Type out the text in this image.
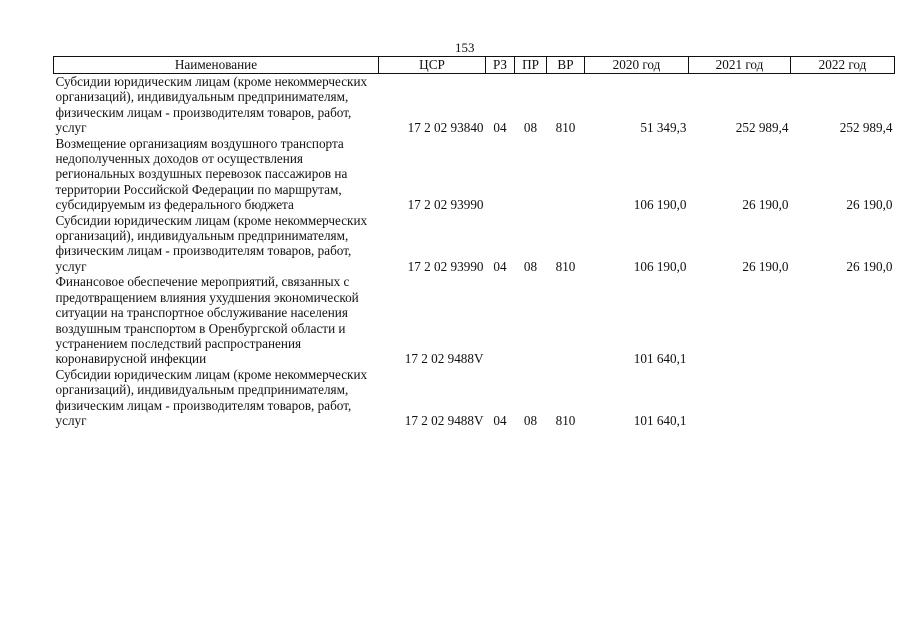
153
Наименование	ЦСР	РЗ	ПР	ВР	2020 год	2021 год	2022 год
Субсидии юридическим лицам (кроме некоммерческих организаций), индивидуальным предпринимателям, физическим лицам - производителям товаров, работ, услуг	17 2 02 93840	04	08	810	51 349,3	252 989,4	252 989,4
Возмещение организациям воздушного транспорта недополученных доходов от осуществления региональных воздушных перевозок пассажиров на территории Российской Федерации по маршрутам, субсидируемым из федерального бюджета	17 2 02 93990				106 190,0	26 190,0	26 190,0
Субсидии юридическим лицам (кроме некоммерческих организаций), индивидуальным предпринимателям, физическим лицам - производителям товаров, работ, услуг	17 2 02 93990	04	08	810	106 190,0	26 190,0	26 190,0
Финансовое обеспечение мероприятий, связанных с предотвращением влияния ухудшения экономической ситуации на транспортное обслуживание населения воздушным транспортом в Оренбургской области и устранением последствий распространения коронавирусной инфекции	17 2 02 9488V				101 640,1		
Субсидии юридическим лицам (кроме некоммерческих организаций), индивидуальным предпринимателям, физическим лицам - производителям товаров, работ, услуг	17 2 02 9488V	04	08	810	101 640,1		
